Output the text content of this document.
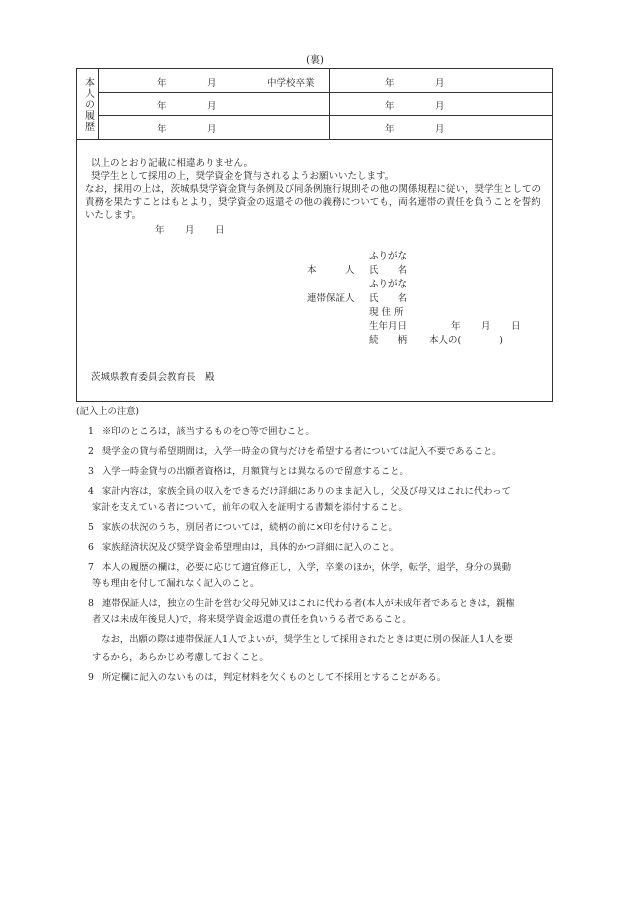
(裏)
本人の履歴	年	月	中学校卒業	年	月
年	月	年	月
年	月	年	月
以上のとおり記載に相違ありません。
奨学生として採用の上，奨学資金を貸与されるようお願いいたします。
なお，採用の上は，茨城県奨学資金貸与条例及び同条例施行規則その他の関係規程に従い，奨学生としての責務を果たすことはもとより，奨学資金の返還その他の義務についても，両名連帯の責任を負うことを誓約いたします。
年 月 日
ふりがな
本　　　人 氏　　名
ふりがな
連帯保証人 氏　　名
現 住 所
生年月日	年 月 日
続　　柄 本人の(　　　　)
茨城県教育委員会教育長　殿
(記入上の注意)
1 ※印のところは，該当するものを○等で囲むこと。
2 奨学金の貸与希望期間は，入学一時金の貸与だけを希望する者については記入不要であること。
3 入学一時金貸与の出願者資格は，月額貸与とは異なるので留意すること。
4 家計内容は，家族全員の収入をできるだけ詳細にありのまま記入し，父及び母又はこれに代わって
家計を支えている者について，前年の収入を証明する書類を添付すること。
5 家族の状況のうち，別居者については，続柄の前に×印を付けること。
6 家族経済状況及び奨学資金希望理由は，具体的かつ詳細に記入のこと。
7 本人の履歴の欄は，必要に応じて適宜修正し，入学，卒業のほか，休学，転学，退学，身分の異動
等も理由を付して漏れなく記入のこと。
8 連帯保証人は，独立の生計を営む父母兄姉又はこれに代わる者(本人が未成年者であるときは，親権
者又は未成年後見人)で，将来奨学資金返還の責任を負いうる者であること。
　なお，出願の際は連帯保証人1人でよいが，奨学生として採用されたときは更に別の保証人1人を要
するから，あらかじめ考慮しておくこと。
9 所定欄に記入のないものは，判定材料を欠くものとして不採用とすることがある。
